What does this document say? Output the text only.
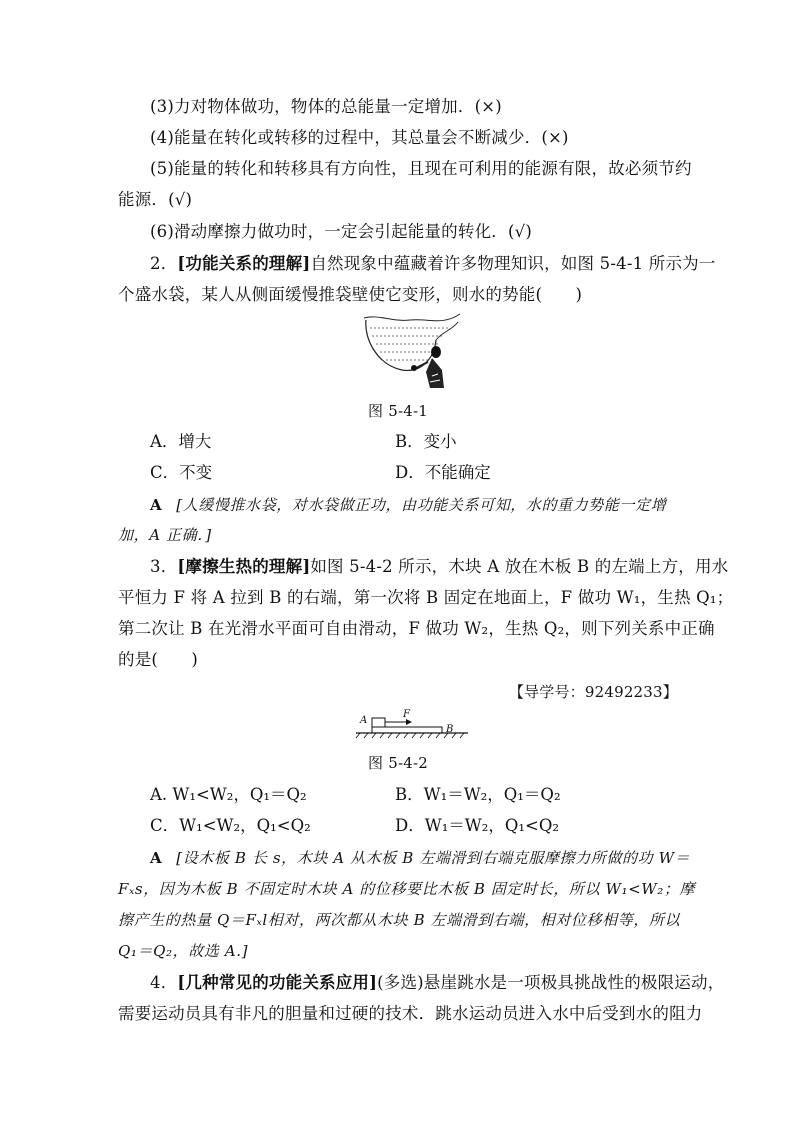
(3)力对物体做功，物体的总能量一定增加．(×)
(4)能量在转化或转移的过程中，其总量会不断减少．(×)
(5)能量的转化和转移具有方向性，且现在可利用的能源有限，故必须节约
能源．(√)
(6)滑动摩擦力做功时，一定会引起能量的转化．(√)
2．[功能关系的理解]自然现象中蕴藏着许多物理知识，如图 5-4-1 所示为一
个盛水袋，某人从侧面缓慢推袋壁使它变形，则水的势能(　　)
图 5-4-1
A．增大	B．变小
C．不变	D．不能确定
A [人缓慢推水袋，对水袋做正功，由功能关系可知，水的重力势能一定增
加，A 正确．]
3．[摩擦生热的理解]如图 5-4-2 所示，木块 A 放在木板 B 的左端上方，用水
平恒力 F 将 A 拉到 B 的右端，第一次将 B 固定在地面上，F 做功 W₁，生热 Q₁；
第二次让 B 在光滑水平面可自由滑动，F 做功 W₂，生热 Q₂，则下列关系中正确
的是(　　)
【导学号：92492233】
A
F
B
图 5-4-2
A. W₁<W₂，Q₁＝Q₂	B．W₁＝W₂，Q₁＝Q₂
C．W₁<W₂，Q₁<Q₂	D．W₁＝W₂，Q₁<Q₂
A [设木板 B 长 s，木块 A 从木板 B 左端滑到右端克服摩擦力所做的功 W＝
Fₓs，因为木板 B 不固定时木块 A 的位移要比木板 B 固定时长，所以 W₁<W₂；摩
擦产生的热量 Q＝Fₓl相对，两次都从木块 B 左端滑到右端，相对位移相等，所以
Q₁＝Q₂，故选 A.]
4．[几种常见的功能关系应用](多选)悬崖跳水是一项极具挑战性的极限运动，
需要运动员具有非凡的胆量和过硬的技术．跳水运动员进入水中后受到水的阻力
